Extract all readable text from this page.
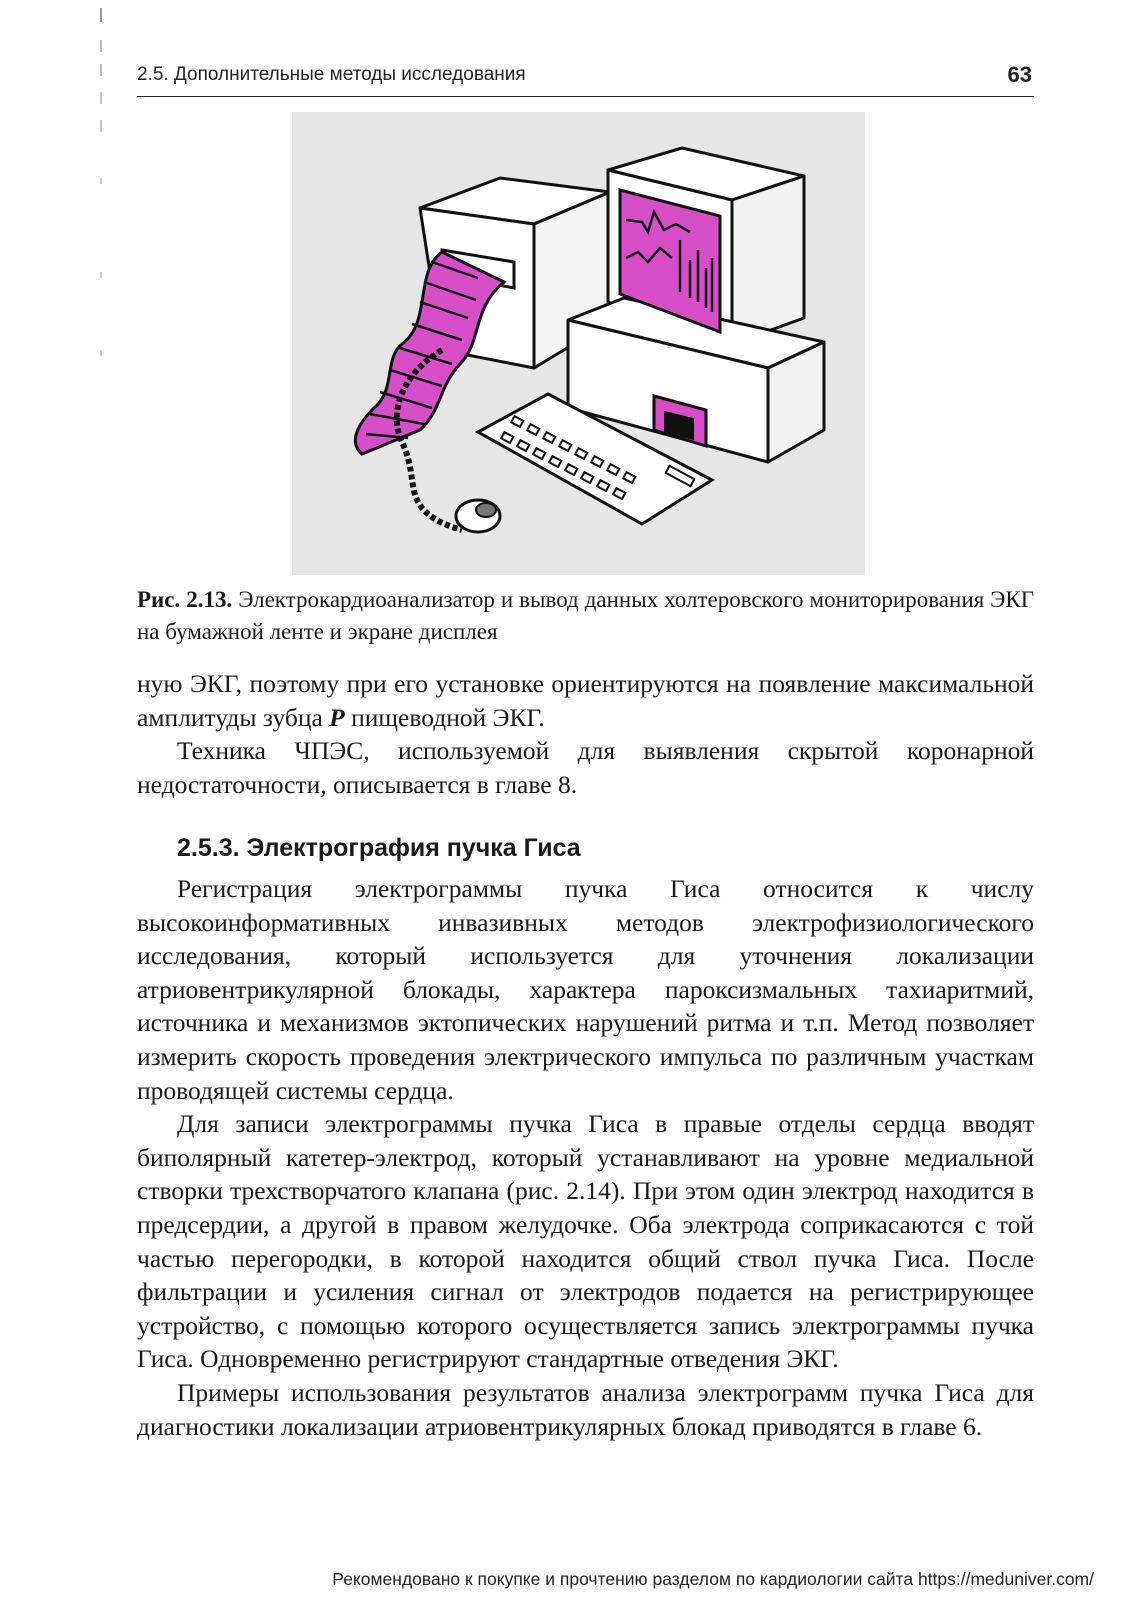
2.5. Дополнительные методы исследования	63
Рис. 2.13. Электрокардиоанализатор и вывод данных холтеровского мониторирования ЭКГ на бумажной ленте и экране дисплея

ную ЭКГ, поэтому при его установке ориентируются на появление максимальной амплитуды зубца P пищеводной ЭКГ.

Техника ЧПЭС, используемой для выявления скрытой коронарной недостаточности, описывается в главе 8.

2.5.3. Электрография пучка Гиса

Регистрация электрограммы пучка Гиса относится к числу высокоинформативных инвазивных методов электрофизиологического исследования, который используется для уточнения локализации атриовентрикулярной блокады, характера пароксизмальных тахиаритмий, источника и механизмов эктопических нарушений ритма и т.п. Метод позволяет измерить скорость проведения электрического импульса по различным участкам проводящей системы сердца.

Для записи электрограммы пучка Гиса в правые отделы сердца вводят биполярный катетер-электрод, который устанавливают на уровне медиальной створки трехстворчатого клапана (рис. 2.14). При этом один электрод находится в предсердии, а другой в правом желудочке. Оба электрода соприкасаются с той частью перегородки, в которой находится общий ствол пучка Гиса. После фильтрации и усиления сигнал от электродов подается на регистрирующее устройство, с помощью которого осуществляется запись электрограммы пучка Гиса. Одновременно регистрируют стандартные отведения ЭКГ.

Примеры использования результатов анализа электрограмм пучка Гиса для диагностики локализации атриовентрикулярных блокад приводятся в главе 6.

Рекомендовано к покупке и прочтению разделом по кардиологии сайта https://meduniver.com/
